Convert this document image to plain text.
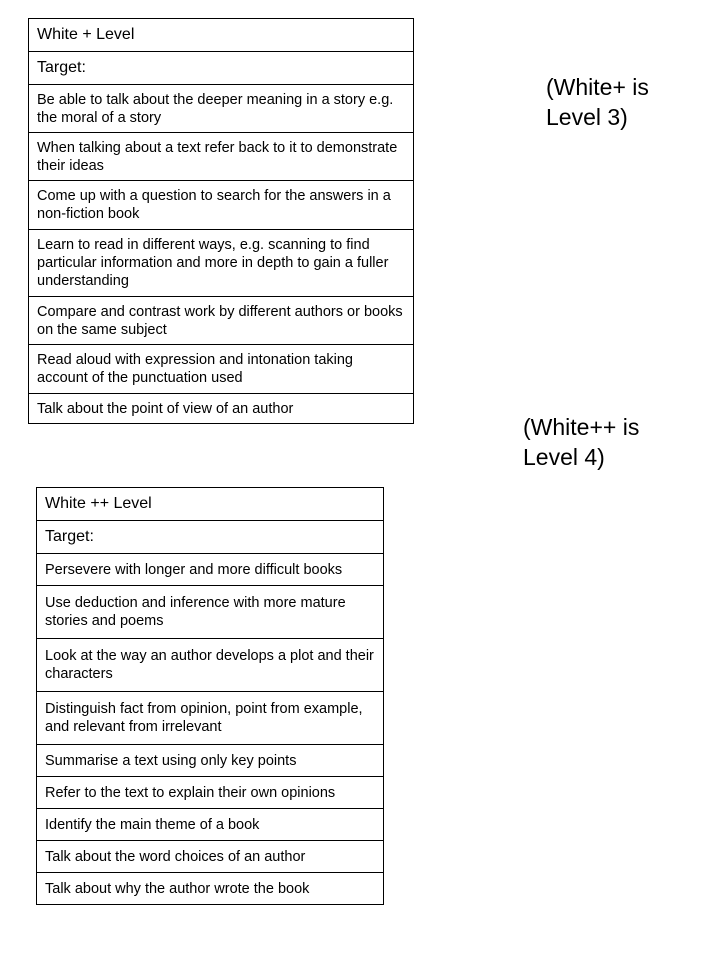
White + Level
Target:
Be able to talk about the deeper meaning in a story e.g. the moral of a story
When talking about a text refer back to it to demonstrate their ideas
Come up with a question to search for the answers in a non-fiction book
Learn to read in different ways, e.g. scanning to find particular information and more in depth to gain a fuller understanding
Compare and contrast work by different authors or books on the same subject
Read aloud with expression and intonation taking account of the punctuation used
Talk about the point of view of an author
(White+ is
Level 3)
(White++ is
Level 4)
White ++ Level
Target:
Persevere with longer and more difficult books
Use deduction and inference with more mature stories and poems
Look at the way an author develops a plot and their characters
Distinguish fact from opinion, point from example, and relevant from irrelevant
Summarise a text using only key points
Refer to the text to explain their own opinions
Identify the main theme of a book
Talk about the word choices of an author
Talk about why the author wrote the book
